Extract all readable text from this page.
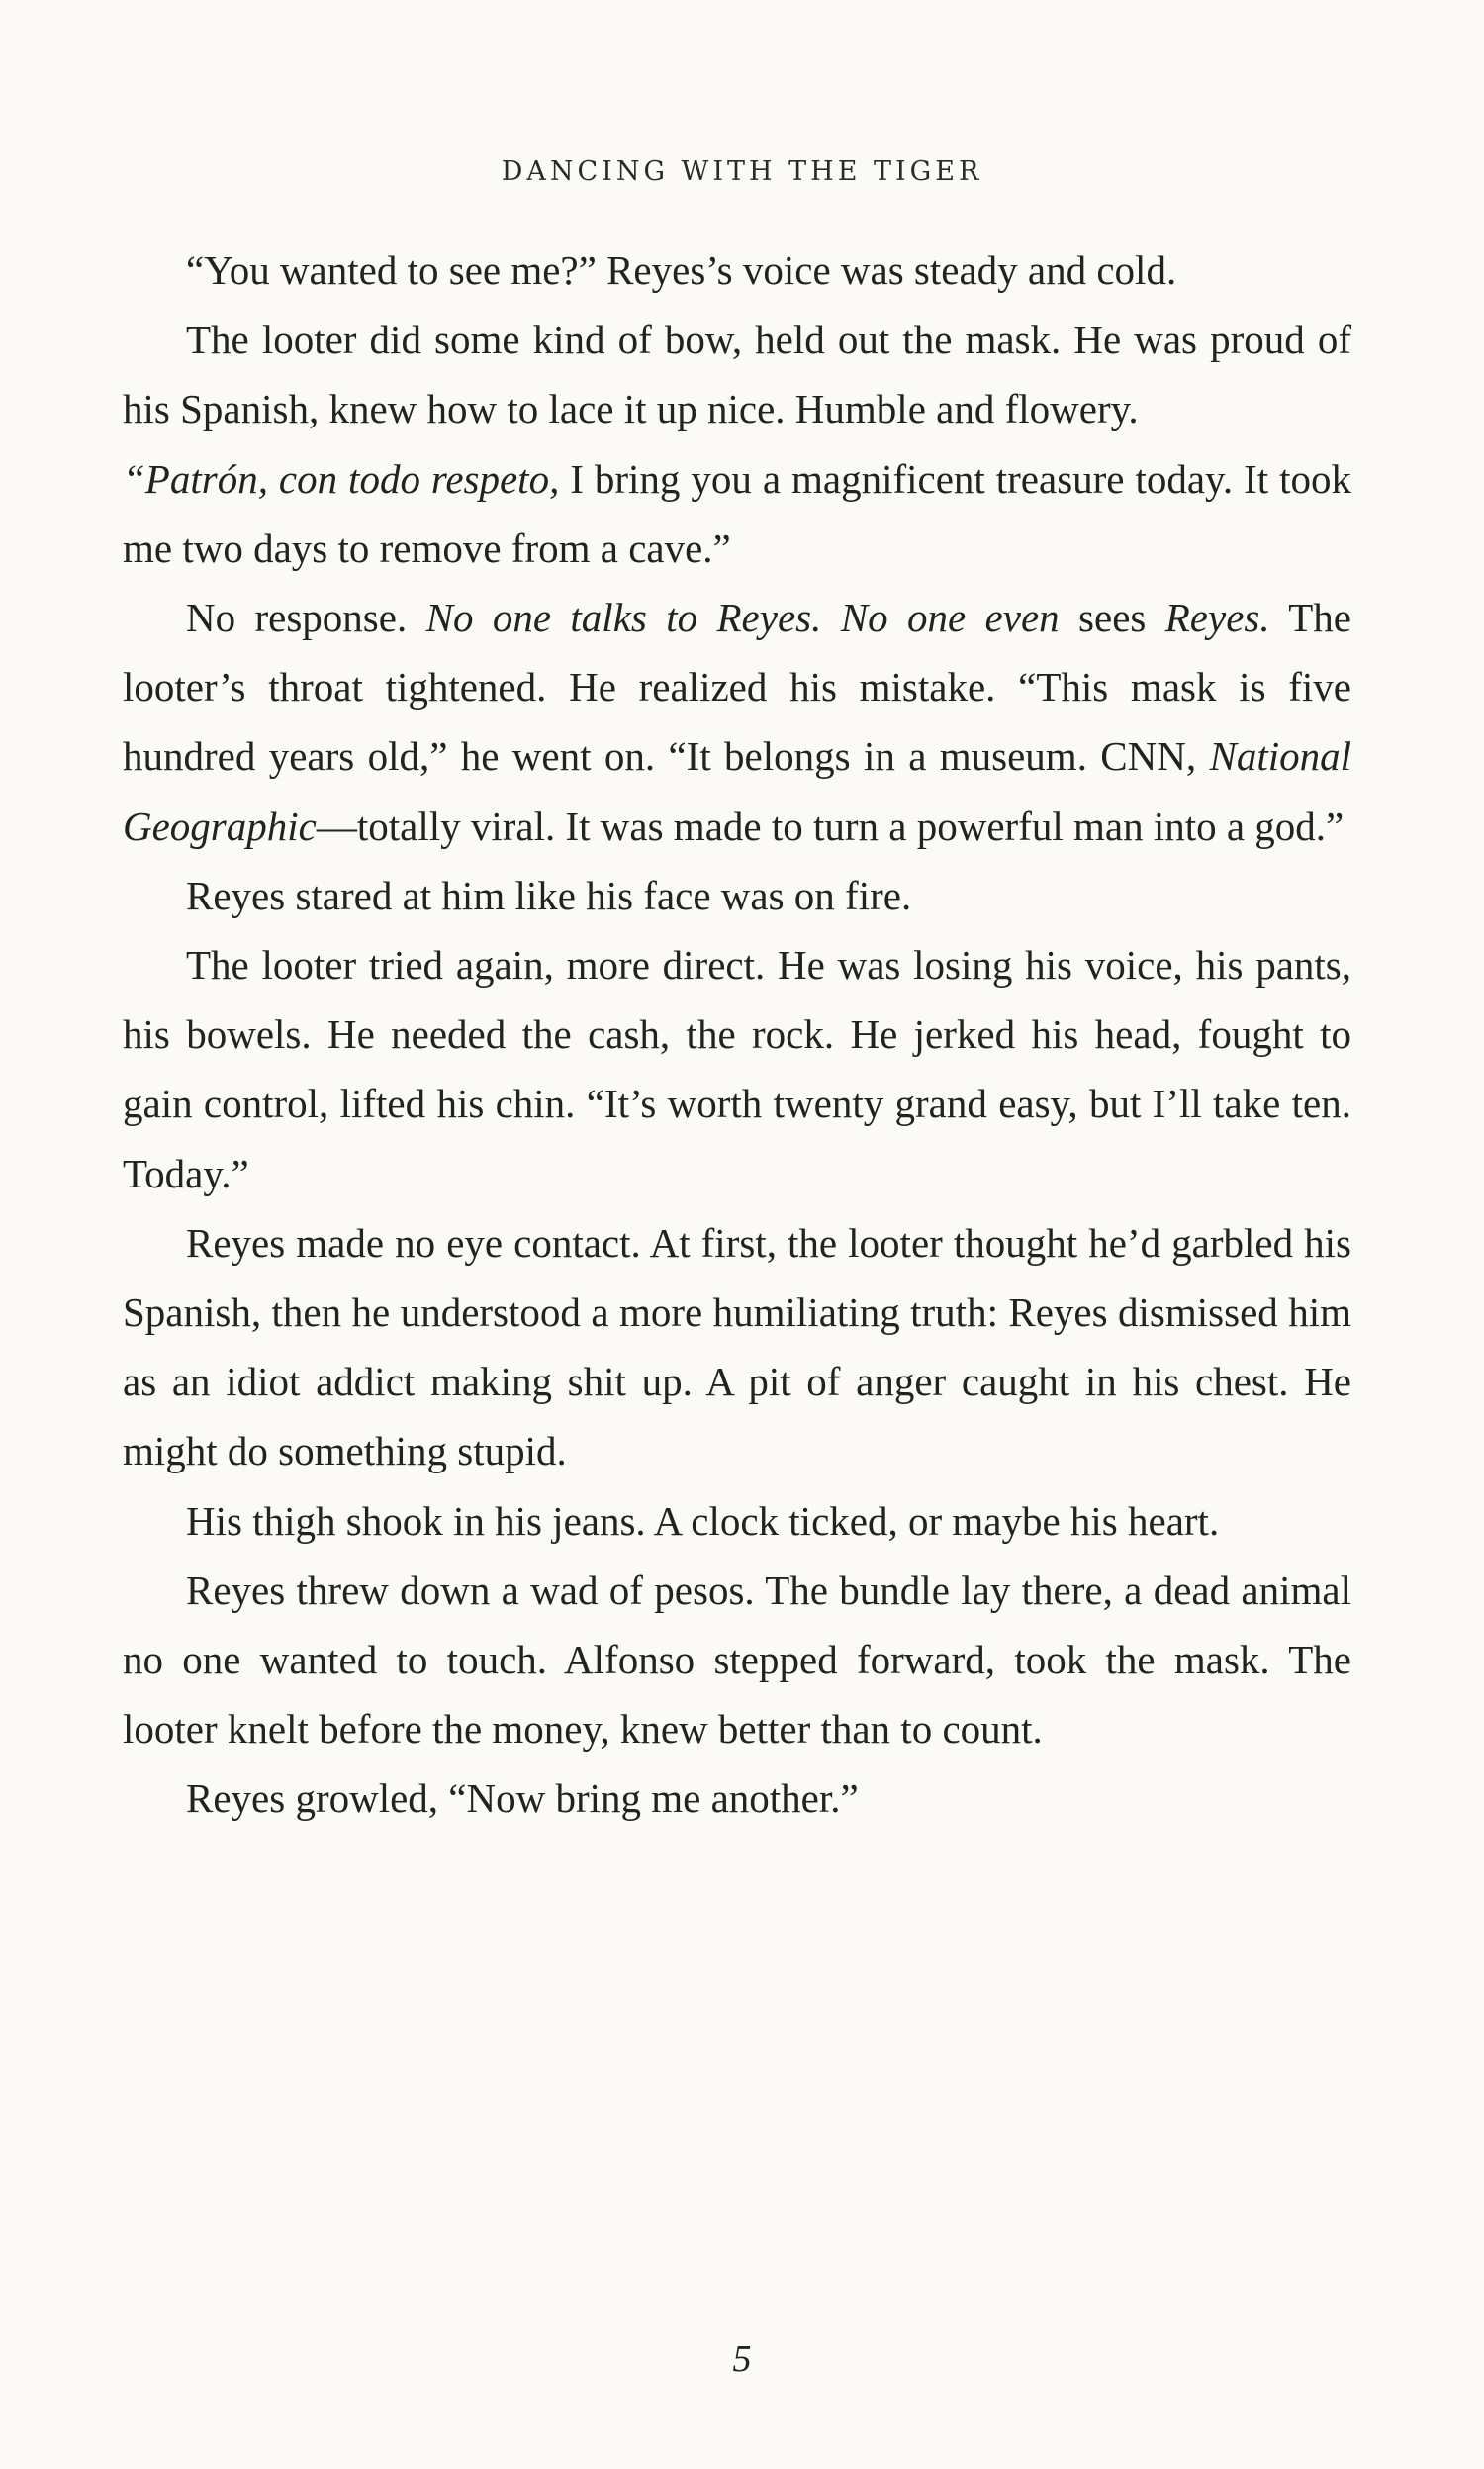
DANCING WITH THE TIGER

“You wanted to see me?” Reyes’s voice was steady and cold.

The looter did some kind of bow, held out the mask. He was proud of his Spanish, knew how to lace it up nice. Humble and flowery.
“Patrón, con todo respeto, I bring you a magnificent treasure today. It took me two days to remove from a cave.”

No response. No one talks to Reyes. No one even sees Reyes. The looter’s throat tightened. He realized his mistake. “This mask is five hundred years old,” he went on. “It belongs in a museum. CNN, National Geographic—totally viral. It was made to turn a powerful man into a god.”

Reyes stared at him like his face was on fire.

The looter tried again, more direct. He was losing his voice, his pants, his bowels. He needed the cash, the rock. He jerked his head, fought to gain control, lifted his chin. “It’s worth twenty grand easy, but I’ll take ten. Today.”

Reyes made no eye contact. At first, the looter thought he’d garbled his Spanish, then he understood a more humiliating truth: Reyes dismissed him as an idiot addict making shit up. A pit of anger caught in his chest. He might do something stupid.

His thigh shook in his jeans. A clock ticked, or maybe his heart.

Reyes threw down a wad of pesos. The bundle lay there, a dead animal no one wanted to touch. Alfonso stepped forward, took the mask. The looter knelt before the money, knew better than to count.

Reyes growled, “Now bring me another.”

5
